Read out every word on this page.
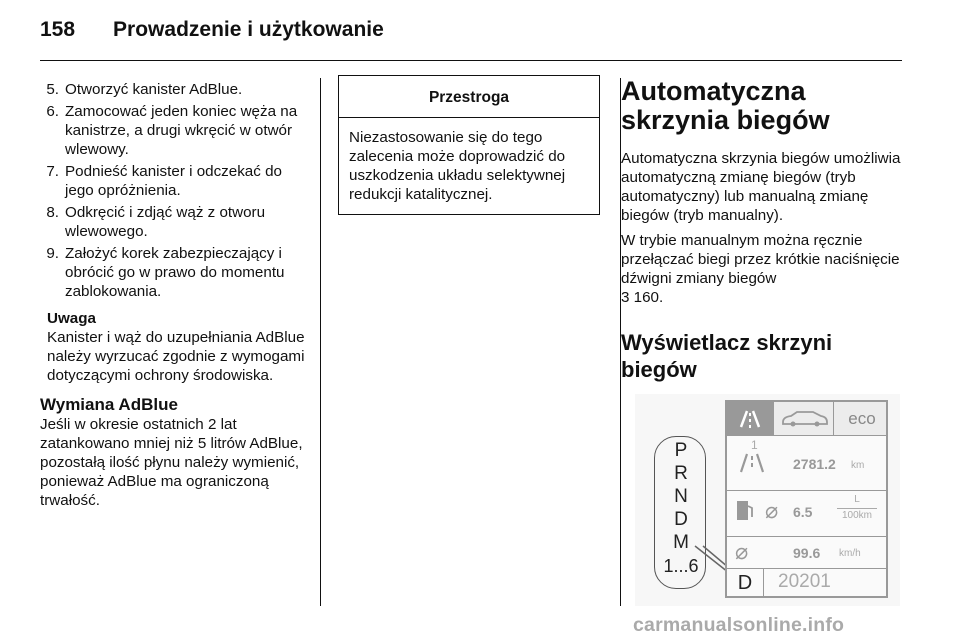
158 Prowadzenie i użytkowanie
5. Otworzyć kanister AdBlue.
6. Zamocować jeden koniec węża na kanistrze, a drugi wkręcić w otwór wlewowy.
7. Podnieść kanister i odczekać do jego opróżnienia.
8. Odkręcić i zdjąć wąż z otworu wlewowego.
9. Założyć korek zabezpieczający i obrócić go w prawo do momentu zablokowania.
Uwaga
Kanister i wąż do uzupełniania AdBlue należy wyrzucać zgodnie z wymogami dotyczącymi ochrony środowiska.
Wymiana AdBlue
Jeśli w okresie ostatnich 2 lat zatankowano mniej niż 5 litrów AdBlue, pozostałą ilość płynu należy wymienić, ponieważ AdBlue ma ograniczoną trwałość.
Przestroga
Niezastosowanie się do tego zalecenia może doprowadzić do uszkodzenia układu selektywnej redukcji katalitycznej.
Automatyczna skrzynia biegów

Automatyczna skrzynia biegów umożliwia automatyczną zmianę biegów (tryb automatyczny) lub manualną zmianę biegów (tryb manualny).

W trybie manualnym można ręcznie przełączać biegi przez krótkie naciśnięcie dźwigni zmiany biegów
3 160.

Wyświetlacz skrzyni biegów
P
R
N
D
M
1...6
eco
1
2781.2 km
⌀ 6.5
L
100km
⌀	99.6 km/h
D	20201
carmanualsonline.info
